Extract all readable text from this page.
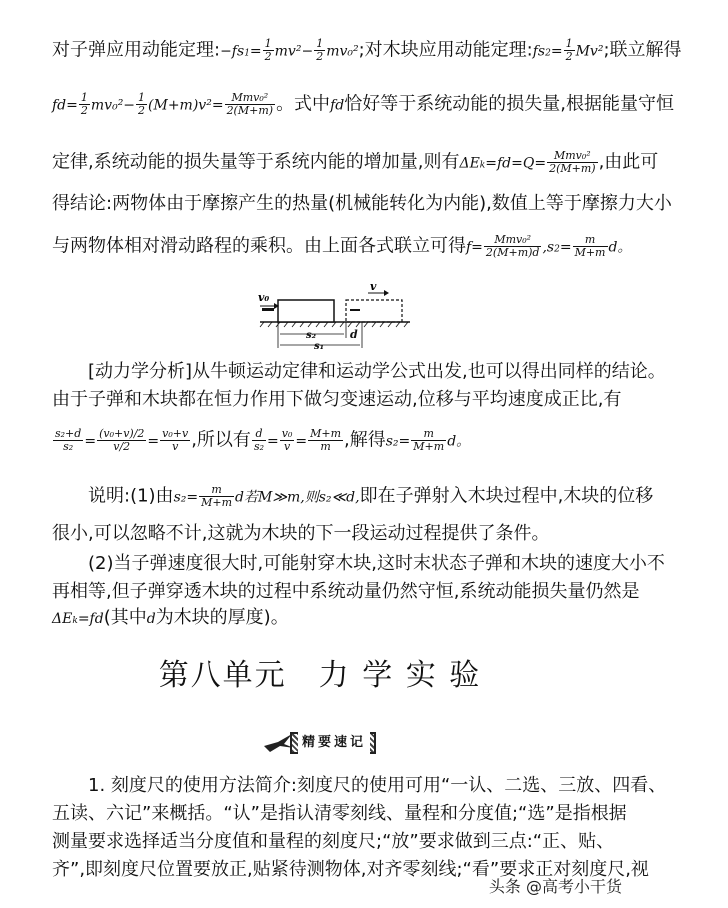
对子弹应用动能定理:−fs1= $\frac{1}{2} mv^2- \frac{1}{2} mv_0^2$;对木块应用动能定理:fs2= $\frac{1}{2} Mv^2$;联立解得
$fd= \frac{1}{2} mv_0^2- \frac{1}{2} (M+m)v^2= \frac{\text{Mmv₀²}}{2(M+m)}$ 。式中fd恰好等于系统动能的损失量,根据能量守恒
定律,系统动能的损失量等于系统内能的增加量,则有$\Delta Ek=fd=Q= \frac{\text{Mmv₀²}}{2(M+m)}$ ,由此可
得结论:两物体由于摩擦产生的热量(机械能转化为内能),数值上等于摩擦力大小
与两物体相对滑动路程的乘积。由上面各式联立可得$f= \frac{\text{Mmv₀²}}{2(M+m)d} ,s2= \frac{m}{M+m}$ d。
v₀
v
s₂	d
s₁
[动力学分析]从牛顿运动定律和运动学公式出发,也可以得出同样的结论。
由于子弹和木块都在恒力作用下做匀变速运动,位移与平均速度成正比,有
$\frac{\text{s₂+d}}{\text{s₂}} = \frac{\text{(v₀+v)/2}}{v/2} = \frac{\text{v₀+v}}{v}$ ,所以有 $\frac{d}{\text{s₂}} = \frac{\text{v₀}}{v} = \frac{M+m}{m}$ ,解得$s_2= \frac{m}{M+m}$ d。
说明:(1)由$s_2= \frac{m}{M+m}$ d若M≫m,则s₂≪d,即在子弹射入木块过程中,木块的位移
很小,可以忽略不计,这就为木块的下一段运动过程提供了条件。
(2)当子弹速度很大时,可能射穿木块,这时末状态子弹和木块的速度大小不
再相等,但子弹穿透木块的过程中系统动量仍然守恒,系统动能损失量仍然是
ΔEk=fd(其中d为木块的厚度)。
第八单元　力 学 实 验
精要速记
1. 刻度尺的使用方法简介:刻度尺的使用可用“一认、二选、三放、四看、
五读、六记”来概括。“认”是指认清零刻线、量程和分度值;“选”是指根据
测量要求选择适当分度值和量程的刻度尺;“放”要求做到三点:“正、贴、
齐”,即刻度尺位置要放正,贴紧待测物体,对齐零刻线;“看”要求正对刻度尺,视
头条 @高考小干货
